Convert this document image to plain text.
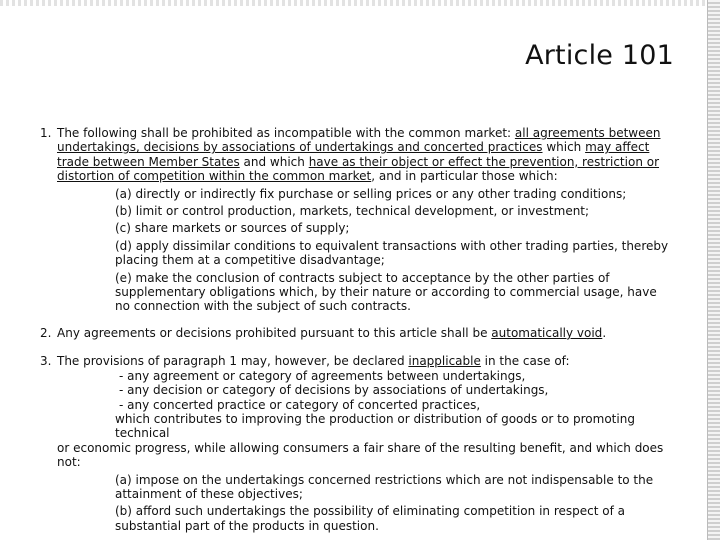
Article 101
1. The following shall be prohibited as incompatible with the common market: all agreements between undertakings, decisions by associations of undertakings and concerted practices which may affect trade between Member States and which have as their object or effect the prevention, restriction or distortion of competition within the common market, and in particular those which:
(a) directly or indirectly fix purchase or selling prices or any other trading conditions;
(b) limit or control production, markets, technical development, or investment;
(c) share markets or sources of supply;
(d) apply dissimilar conditions to equivalent transactions with other trading parties, thereby placing them at a competitive disadvantage;
(e) make the conclusion of contracts subject to acceptance by the other parties of supplementary obligations which, by their nature or according to commercial usage, have no connection with the subject of such contracts.
2. Any agreements or decisions prohibited pursuant to this article shall be automatically void.
3. The provisions of paragraph 1 may, however, be declared inapplicable in the case of:
- any agreement or category of agreements between undertakings,
- any decision or category of decisions by associations of undertakings,
- any concerted practice or category of concerted practices,
which contributes to improving the production or distribution of goods or to promoting technical
or economic progress, while allowing consumers a fair share of the resulting benefit, and which does not:
(a) impose on the undertakings concerned restrictions which are not indispensable to the attainment of these objectives;
(b) afford such undertakings the possibility of eliminating competition in respect of a substantial part of the products in question.
